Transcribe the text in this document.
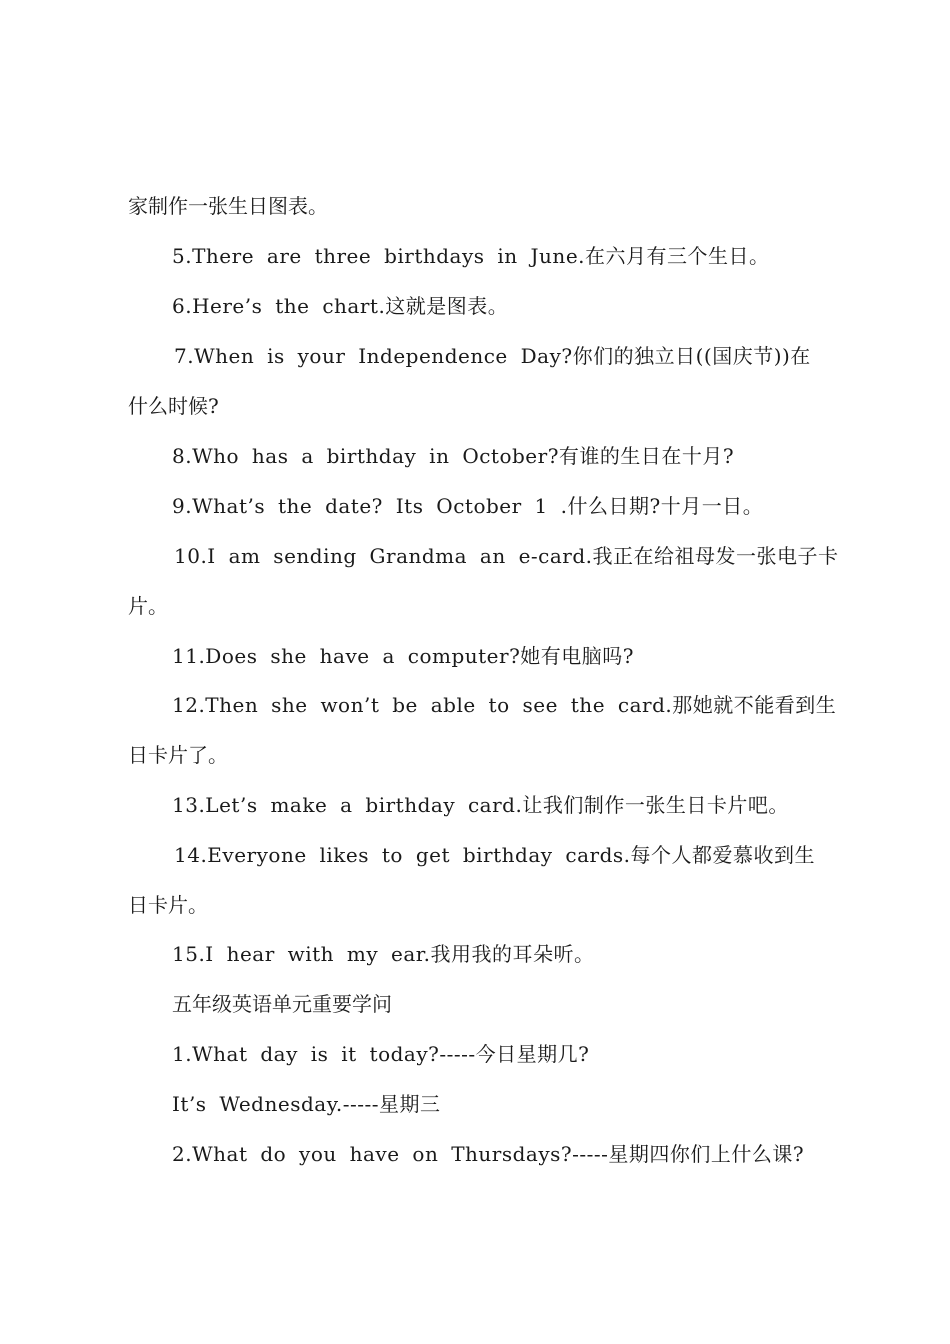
家制作一张生日图表。
5.There are three birthdays in June.在六月有三个生日。
6.Here’s the chart.这就是图表。
7.When is your Independence Day?你们的独立日((国庆节))在
什么时候?
8.Who has a birthday in October?有谁的生日在十月?
9.What’s the date? Its October 1 .什么日期?十月一日。
10.I am sending Grandma an e-card.我正在给祖母发一张电子卡
片。
11.Does she have a computer?她有电脑吗?
12.Then she won’t be able to see the card.那她就不能看到生
日卡片了。
13.Let’s make a birthday card.让我们制作一张生日卡片吧。
14.Everyone likes to get birthday cards.每个人都爱慕收到生
日卡片。
15.I hear with my ear.我用我的耳朵听。
五年级英语单元重要学问
1.What day is it today?-----今日星期几?
It’s Wednesday.-----星期三
2.What do you have on Thursdays?-----星期四你们上什么课?
